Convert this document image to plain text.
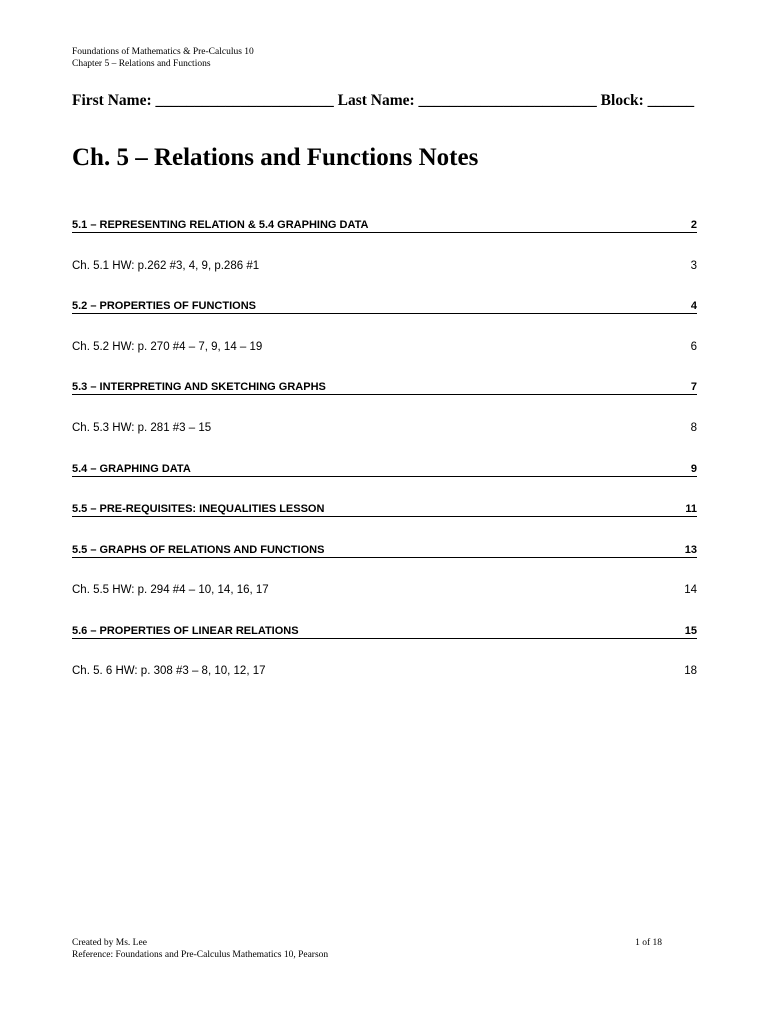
Foundations of Mathematics & Pre-Calculus 10
Chapter 5 – Relations and Functions
First Name: _______________________ Last Name: _______________________ Block: ______
Ch. 5 – Relations and Functions Notes
5.1 – REPRESENTING RELATION & 5.4 GRAPHING DATA	2
Ch. 5.1 HW: p.262 #3, 4, 9, p.286 #1	3
5.2 – PROPERTIES OF FUNCTIONS	4
Ch. 5.2 HW: p. 270 #4 – 7, 9, 14 – 19	6
5.3 – INTERPRETING AND SKETCHING GRAPHS	7
Ch. 5.3 HW: p. 281 #3 – 15	8
5.4 – GRAPHING DATA	9
5.5 – PRE-REQUISITES: INEQUALITIES LESSON	11
5.5 – GRAPHS OF RELATIONS AND FUNCTIONS	13
Ch. 5.5 HW: p. 294 #4 – 10, 14, 16, 17	14
5.6 – PROPERTIES OF LINEAR RELATIONS	15
Ch. 5. 6 HW: p. 308 #3 – 8, 10, 12, 17	18
Created by Ms. Lee
Reference: Foundations and Pre-Calculus Mathematics 10, Pearson
1 of 18
